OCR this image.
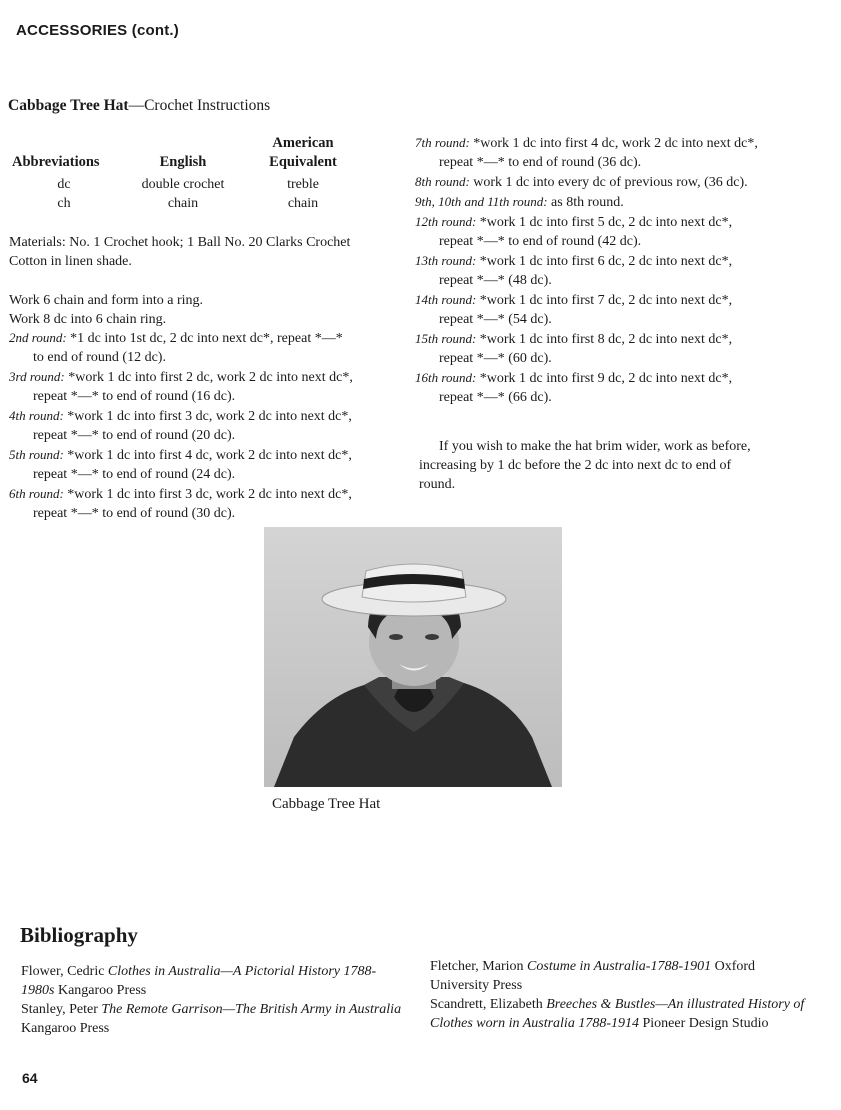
ACCESSORIES (cont.)
Cabbage Tree Hat—Crochet Instructions
Abbreviations	English	American Equivalent
dc	double crochet	treble
ch	chain	chain
Materials: No. 1 Crochet hook; 1 Ball No. 20 Clarks Crochet Cotton in linen shade.
Work 6 chain and form into a ring.
Work 8 dc into 6 chain ring.

2nd round: *1 dc into 1st dc, 2 dc into next dc*, repeat *—* to end of round (12 dc).

3rd round: *work 1 dc into first 2 dc, work 2 dc into next dc*, repeat *—* to end of round (16 dc).

4th round: *work 1 dc into first 3 dc, work 2 dc into next dc*, repeat *—* to end of round (20 dc).

5th round: *work 1 dc into first 4 dc, work 2 dc into next dc*, repeat *—* to end of round (24 dc).

6th round: *work 1 dc into first 3 dc, work 2 dc into next dc*, repeat *—* to end of round (30 dc).

7th round: *work 1 dc into first 4 dc, work 2 dc into next dc*, repeat *—* to end of round (36 dc).

8th round: work 1 dc into every dc of previous row, (36 dc).

9th, 10th and 11th round: as 8th round.

12th round: *work 1 dc into first 5 dc, 2 dc into next dc*, repeat *—* to end of round (42 dc).

13th round: *work 1 dc into first 6 dc, 2 dc into next dc*, repeat *—* (48 dc).

14th round: *work 1 dc into first 7 dc, 2 dc into next dc*, repeat *—* (54 dc).

15th round: *work 1 dc into first 8 dc, 2 dc into next dc*, repeat *—* (60 dc).

16th round: *work 1 dc into first 9 dc, 2 dc into next dc*, repeat *—* (66 dc).

If you wish to make the hat brim wider, work as before, increasing by 1 dc before the 2 dc into next dc to end of round.
Cabbage Tree Hat
Bibliography

Flower, Cedric Clothes in Australia—A Pictorial History 1788-1980s Kangaroo Press

Stanley, Peter The Remote Garrison—The British Army in Australia Kangaroo Press

Fletcher, Marion Costume in Australia-1788-1901 Oxford University Press

Scandrett, Elizabeth Breeches & Bustles—An illustrated History of Clothes worn in Australia 1788-1914 Pioneer Design Studio

64
